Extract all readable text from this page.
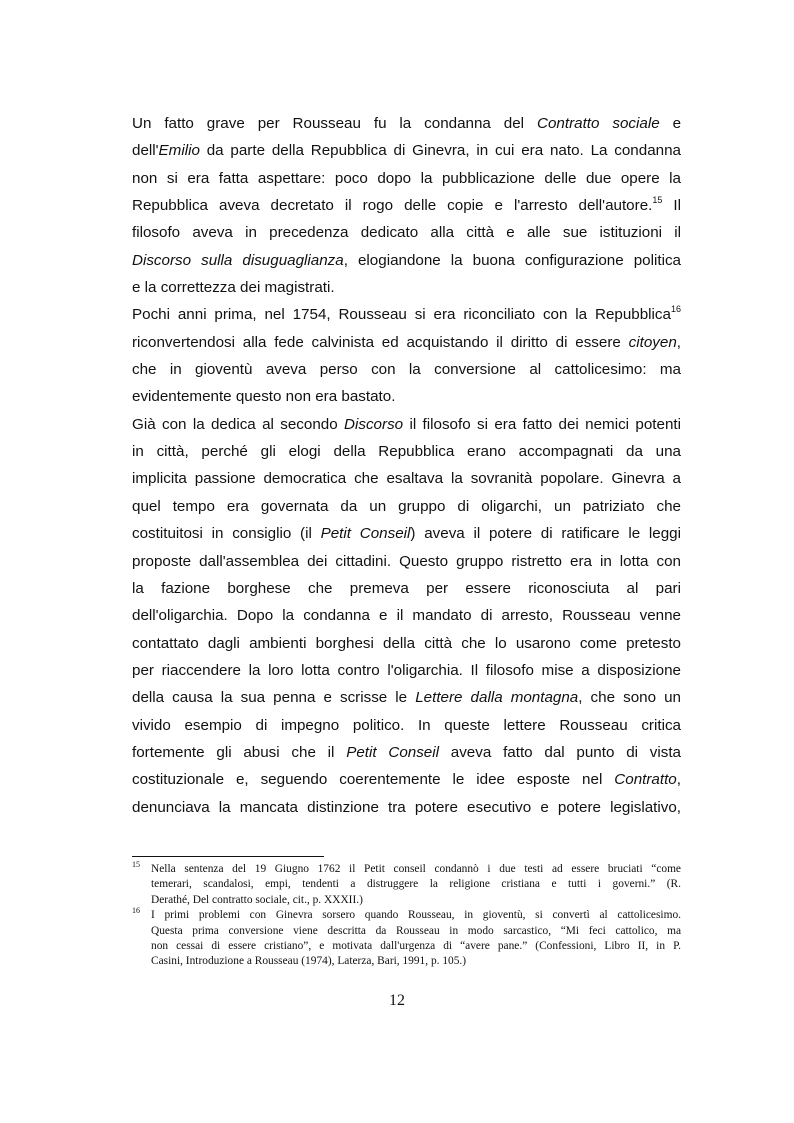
Un fatto grave per Rousseau fu la condanna del Contratto sociale e
dell'Emilio da parte della Repubblica di Ginevra, in cui era nato. La condanna
non si era fatta aspettare: poco dopo la pubblicazione delle due opere la
Repubblica aveva decretato il rogo delle copie e l'arresto dell'autore.$^{15}$ Il
filosofo aveva in precedenza dedicato alla città e alle sue istituzioni il
Discorso sulla disuguaglianza, elogiandone la buona configurazione politica
e la correttezza dei magistrati.
Pochi anni prima, nel 1754, Rousseau si era riconciliato con la Repubblica$^{16}$
riconvertendosi alla fede calvinista ed acquistando il diritto di essere citoyen,
che in gioventù aveva perso con la conversione al cattolicesimo: ma
evidentemente questo non era bastato.
Già con la dedica al secondo Discorso il filosofo si era fatto dei nemici potenti
in città, perché gli elogi della Repubblica erano accompagnati da una
implicita passione democratica che esaltava la sovranità popolare. Ginevra a
quel tempo era governata da un gruppo di oligarchi, un patriziato che
costituitosi in consiglio (il Petit Conseil) aveva il potere di ratificare le leggi
proposte dall'assemblea dei cittadini. Questo gruppo ristretto era in lotta con
la fazione borghese che premeva per essere riconosciuta al pari
dell'oligarchia. Dopo la condanna e il mandato di arresto, Rousseau venne
contattato dagli ambienti borghesi della città che lo usarono come pretesto
per riaccendere la loro lotta contro l'oligarchia. Il filosofo mise a disposizione
della causa la sua penna e scrisse le Lettere dalla montagna, che sono un
vivido esempio di impegno politico. In queste lettere Rousseau critica
fortemente gli abusi che il Petit Conseil aveva fatto dal punto di vista
costituzionale e, seguendo coerentemente le idee esposte nel Contratto,
denunciava la mancata distinzione tra potere esecutivo e potere legislativo,
15 Nella sentenza del 19 Giugno 1762 il Petit conseil condannò i due testi ad essere bruciati “come
temerari, scandalosi, empi, tendenti a distruggere la religione cristiana e tutti i governi.” (R.
Derathé, Del contratto sociale, cit., p. XXXII.)
16 I primi problemi con Ginevra sorsero quando Rousseau, in gioventù, si convertì al cattolicesimo.
Questa prima conversione viene descritta da Rousseau in modo sarcastico, “Mi feci cattolico, ma
non cessai di essere cristiano”, e motivata dall'urgenza di “avere pane.” (Confessioni, Libro II, in P.
Casini, Introduzione a Rousseau (1974), Laterza, Bari, 1991, p. 105.)
12
